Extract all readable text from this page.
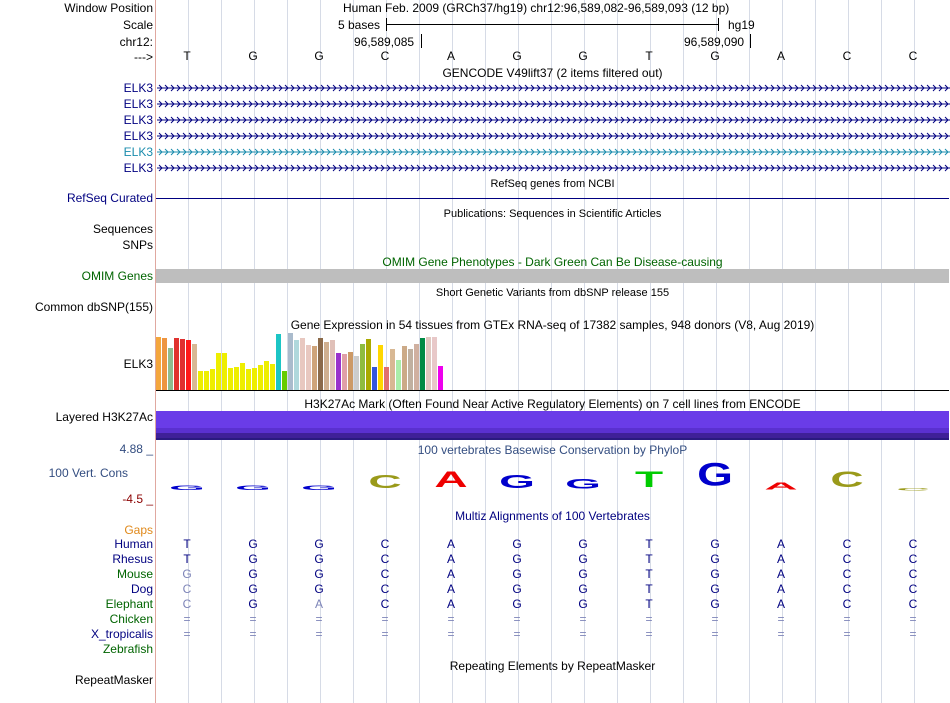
Window Position	Human Feb. 2009 (GRCh37/hg19) chr12:96,589,082-96,589,093 (12 bp)
Scale	5 bases	hg19
chr12:	96,589,085	96,589,090
--->
GENCODE V49lift37 (2 items filtered out)
RefSeq genes from NCBI
RefSeq Curated
Publications: Sequences in Scientific Articles
Sequences
SNPs
OMIM Gene Phenotypes - Dark Green Can Be Disease-causing
OMIM Genes
Short Genetic Variants from dbSNP release 155
Common dbSNP(155)
Gene Expression in 54 tissues from GTEx RNA-seq of 17382 samples, 948 donors (V8, Aug 2019)
ELK3
H3K27Ac Mark (Often Found Near Active Regulatory Elements) on 7 cell lines from ENCODE
Layered H3K27Ac
100 vertebrates Basewise Conservation by PhyloP
4.88 _
100 Vert. Cons
-4.5 _
Multiz Alignments of 100 Vertebrates
Gaps
Repeating Elements by RepeatMasker
RepeatMasker
T	G	G	C	A	G	G	T	G	A	C	C
ELK3
ELK3
ELK3
ELK3
ELK3
ELK3
G G G C A G G T G A C C
Human	T	G	G	C	A	G	G	T	G	A	C	C
Rhesus	T	G	G	C	A	G	G	T	G	A	C	C
Mouse	G	G	G	C	A	G	G	T	G	A	C	C
Dog	C	G	G	C	A	G	G	T	G	A	C	C
Elephant	C	G	A	C	A	G	G	T	G	A	C	C
Chicken	=	=	=	=	=	=	=	=	=	=	=	=
X_tropicalis	=	=	=	=	=	=	=	=	=	=	=	=
Zebrafish
